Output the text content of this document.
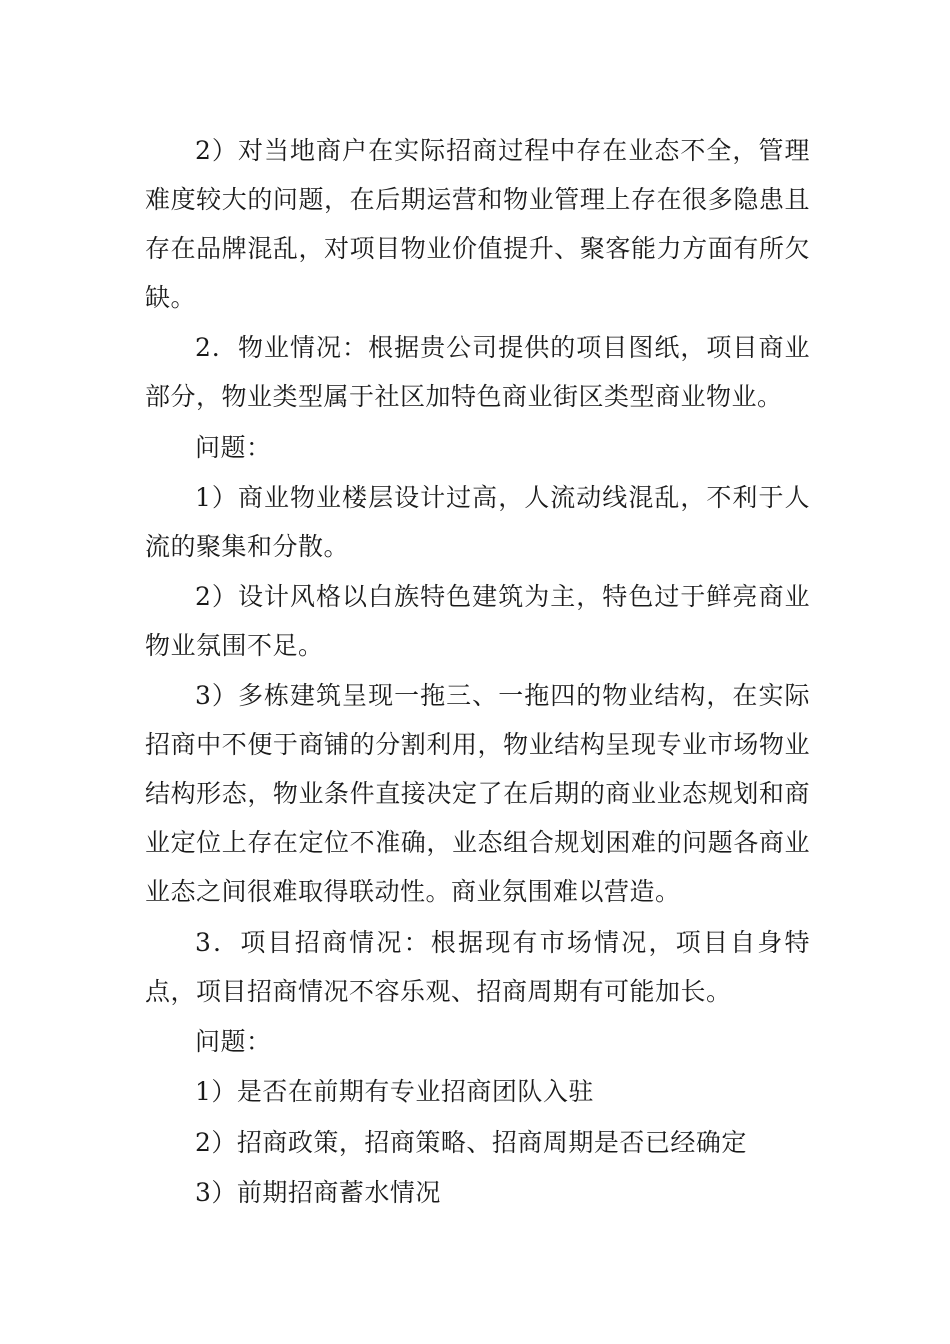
2）对当地商户在实际招商过程中存在业态不全，管理难度较大的问题，在后期运营和物业管理上存在很多隐患且存在品牌混乱，对项目物业价值提升、聚客能力方面有所欠缺。

2．物业情况：根据贵公司提供的项目图纸，项目商业部分，物业类型属于社区加特色商业街区类型商业物业。

问题：

1）商业物业楼层设计过高，人流动线混乱，不利于人流的聚集和分散。

2）设计风格以白族特色建筑为主，特色过于鲜亮商业物业氛围不足。

3）多栋建筑呈现一拖三、一拖四的物业结构，在实际招商中不便于商铺的分割利用，物业结构呈现专业市场物业结构形态，物业条件直接决定了在后期的商业业态规划和商业定位上存在定位不准确，业态组合规划困难的问题各商业业态之间很难取得联动性。商业氛围难以营造。

3．项目招商情况：根据现有市场情况，项目自身特点，项目招商情况不容乐观、招商周期有可能加长。

问题：

1）是否在前期有专业招商团队入驻

2）招商政策，招商策略、招商周期是否已经确定

3）前期招商蓄水情况
